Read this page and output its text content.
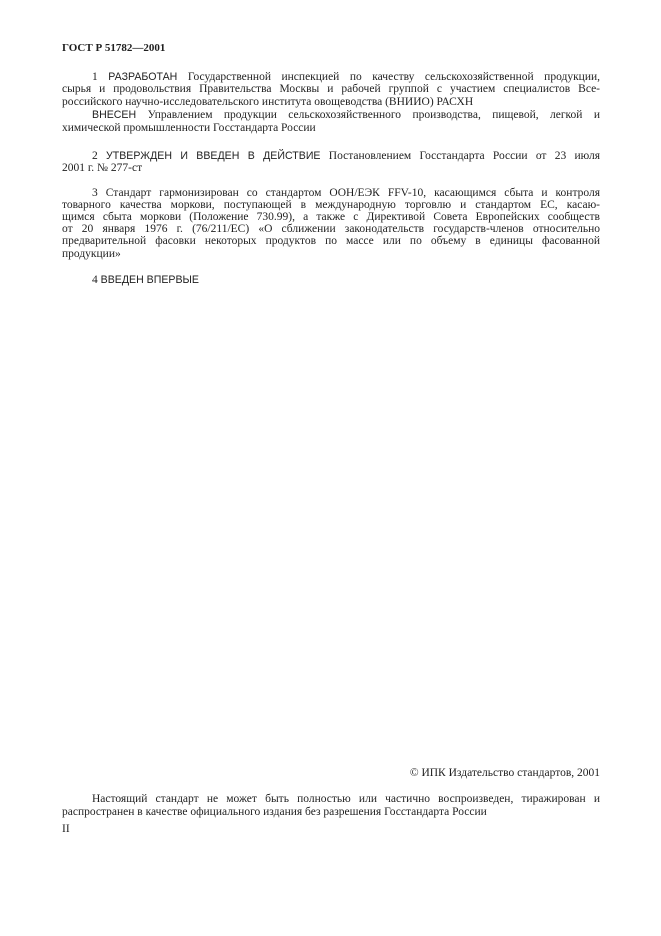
ГОСТ Р 51782—2001
1 РАЗРАБОТАН Государственной инспекцией по качеству сельскохозяйственной продукции,
сырья и продовольствия Правительства Москвы и рабочей группой с участием специалистов Все-
российского научно-исследовательского института овощеводства (ВНИИО) РАСХН
ВНЕСЕН Управлением продукции сельскохозяйственного производства, пищевой, легкой и
химической промышленности Госстандарта России
2 УТВЕРЖДЕН И ВВЕДЕН В ДЕЙСТВИЕ Постановлением Госстандарта России от 23 июля
2001 г. № 277-ст
3 Стандарт гармонизирован со стандартом ООН/ЕЭК FFV-10, касающимся сбыта и контроля
товарного качества моркови, поступающей в международную торговлю и стандартом ЕС, касаю-
щимся сбыта моркови (Положение 730.99), а также с Директивой Совета Европейских сообществ
от 20 января 1976 г. (76/211/ЕС) «О сближении законодательств государств-членов относительно
предварительной фасовки некоторых продуктов по массе или по объему в единицы фасованной
продукции»
4 ВВЕДЕН ВПЕРВЫЕ
© ИПК Издательство стандартов, 2001
Настоящий стандарт не может быть полностью или частично воспроизведен, тиражирован и
распространен в качестве официального издания без разрешения Госстандарта России
II
